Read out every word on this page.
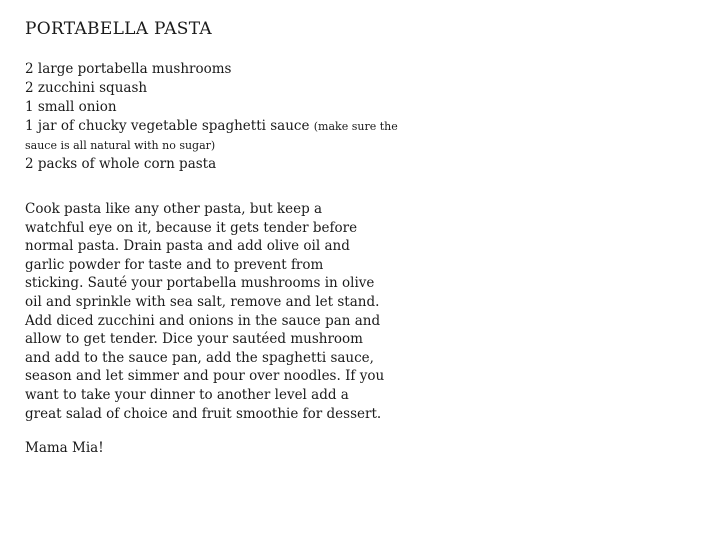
PORTABELLA PASTA
2 large portabella mushrooms
2 zucchini squash
1 small onion
1 jar of chucky vegetable spaghetti sauce (make sure the sauce is all natural with no sugar)
2 packs of whole corn pasta

Cook pasta like any other pasta, but keep a watchful eye on it, because it gets tender before normal pasta. Drain pasta and add olive oil and garlic powder for taste and to prevent from sticking. Sauté your portabella mushrooms in olive oil and sprinkle with sea salt, remove and let stand. Add diced zucchini and onions in the sauce pan and allow to get tender. Dice your sautéed mushroom and add to the sauce pan, add the spaghetti sauce, season and let simmer and pour over noodles. If you want to take your dinner to another level add a great salad of choice and fruit smoothie for dessert.

Mama Mia!
